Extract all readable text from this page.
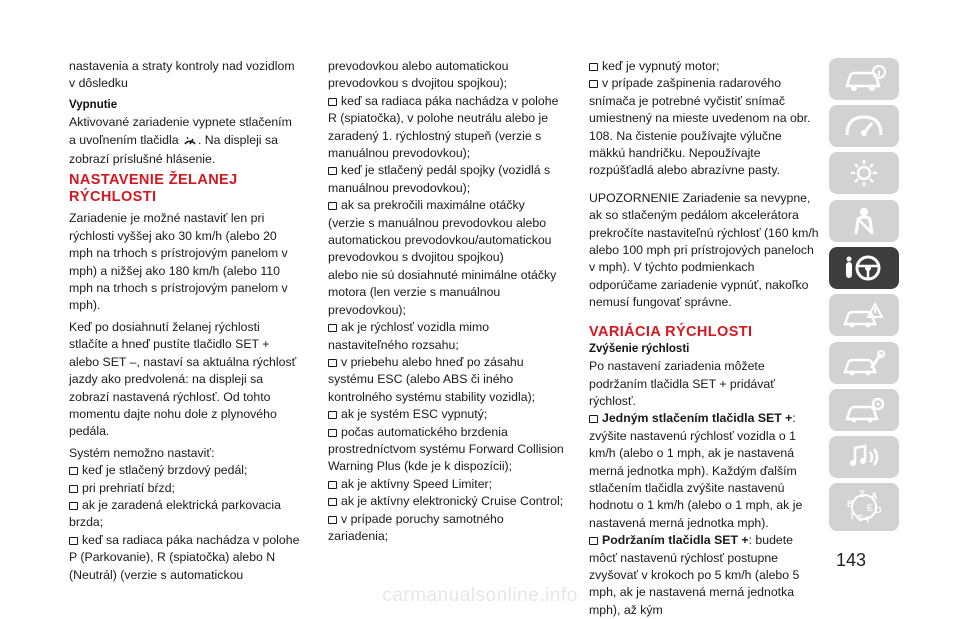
nastavenia a straty kontroly nad vozidlom v dôsledku

Vypnutie

Aktivované zariadenie vypnete stlačením a uvoľnením tlačidla . Na displeji sa zobrazí príslušné hlásenie.

NASTAVENIE ŽELANEJ RÝCHLOSTI

Zariadenie je možné nastaviť len pri rýchlosti vyššej ako 30 km/h (alebo 20 mph na trhoch s prístrojovým panelom v mph) a nižšej ako 180 km/h (alebo 110 mph na trhoch s prístrojovým panelom v mph).

Keď po dosiahnutí želanej rýchlosti stlačíte a hneď pustíte tlačidlo SET + alebo SET –, nastaví sa aktuálna rýchlosť jazdy ako predvolená: na displeji sa zobrazí nastavená rýchlosť. Od tohto momentu dajte nohu dole z plynového pedála.

Systém nemožno nastaviť:

keď je stlačený brzdový pedál;

pri prehriatí bŕzd;

ak je zaradená elektrická parkovacia brzda;

keď sa radiaca páka nachádza v polohe P (Parkovanie), R (spiatočka) alebo N (Neutrál) (verzie s automatickou

prevodovkou alebo automatickou prevodovkou s dvojitou spojkou);

keď sa radiaca páka nachádza v polohe R (spiatočka), v polohe neutrálu alebo je zaradený 1. rýchlostný stupeň (verzie s manuálnou prevodovkou);

keď je stlačený pedál spojky (vozidlá s manuálnou prevodovkou);

ak sa prekročili maximálne otáčky (verzie s manuálnou prevodovkou alebo automatickou prevodovkou/automatickou prevodovkou s dvojitou spojkou)

alebo nie sú dosiahnuté minimálne otáčky motora (len verzie s manuálnou prevodovkou);

ak je rýchlosť vozidla mimo nastaviteľného rozsahu;

v priebehu alebo hneď po zásahu systému ESC (alebo ABS či iného kontrolného systému stability vozidla);

ak je systém ESC vypnutý;

počas automatického brzdenia prostredníctvom systému Forward Collision Warning Plus (kde je k dispozícii);

ak je aktívny Speed Limiter;

ak je aktívny elektronický Cruise Control;

v prípade poruchy samotného zariadenia;

keď je vypnutý motor;

v prípade zašpinenia radarového snímača je potrebné vyčistiť snímač umiestnený na mieste uvedenom na obr. 108. Na čistenie používajte výlučne mäkkú handričku. Nepoužívajte rozpúšťadlá alebo abrazívne pasty.

UPOZORNENIE Zariadenie sa nevypne, ak so stlačeným pedálom akcelerátora prekročíte nastaviteľnú rýchlosť (160 km/h alebo 100 mph pri prístrojových paneloch v mph). V týchto podmienkach odporúčame zariadenie vypnúť, nakoľko nemusí fungovať správne.

VARIÁCIA RÝCHLOSTI

Zvýšenie rýchlosti

Po nastavení zariadenia môžete podržaním tlačidla SET + pridávať rýchlosť.

Jedným stlačením tlačidla SET +: zvýšite nastavenú rýchlosť vozidla o 1 km/h (alebo o 1 mph, ak je nastavená merná jednotka mph). Každým ďalším stlačením tlačidla zvýšite nastavenú hodnotu o 1 km/h (alebo o 1 mph, ak je nastavená merná jednotka mph).

Podržaním tlačidla SET +: budete môcť nastavenú rýchlosť postupne zvyšovať v krokoch po 5 km/h (alebo 5 mph, ak je nastavená merná jednotka mph), až kým

Z A
B E D
I C T
143
carmanualsonline.info
